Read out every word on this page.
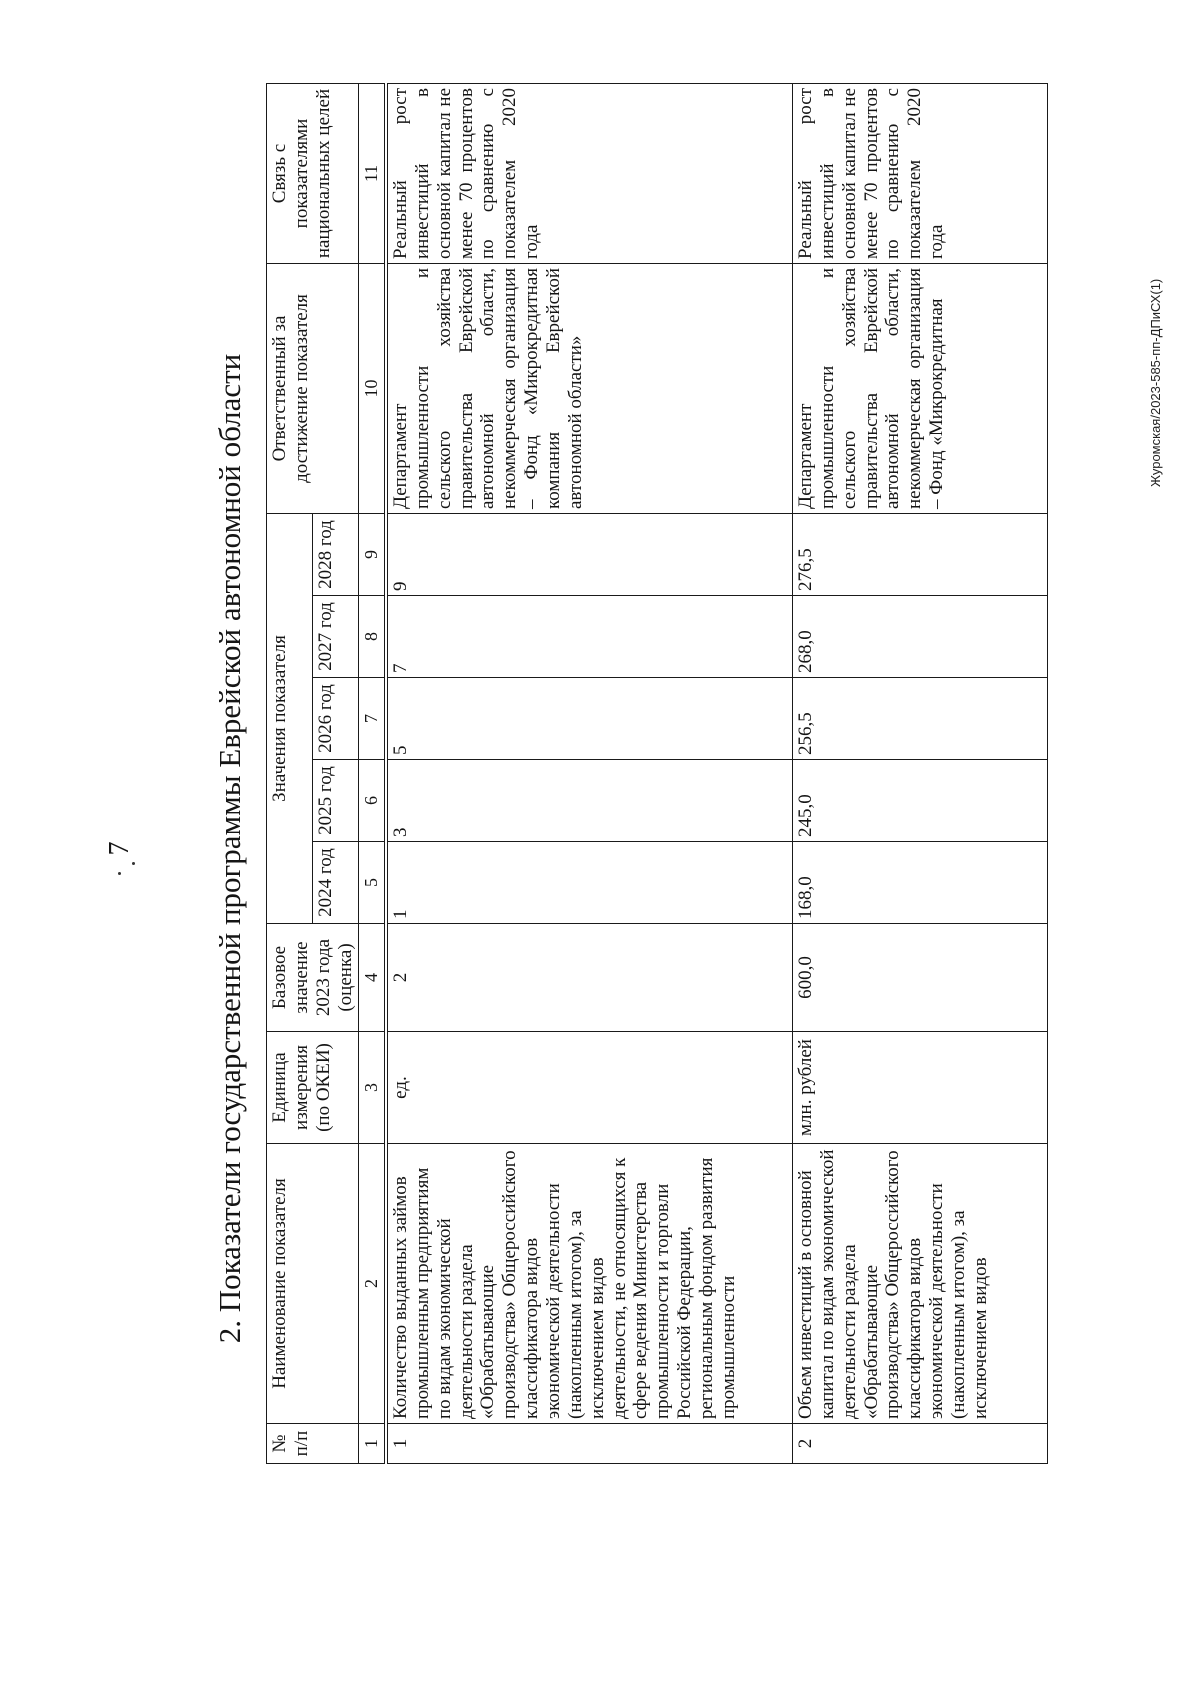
7 2. Показатели государственной программы Еврейской автономной области
№ п/п	Наименование показателя	Единица измерения (по ОКЕИ)	Базовое значение 2023 года (оценка)	Значения показателя					Ответственный за достижение показателя	Связь с показателями национальных целей
				2024 год	2025 год	2026 год	2027 год	2028 год		
1	2	3	4	5	6	7	8	9	10	11
1	Количество выданных займов промышленным предприятиям по видам экономической деятельности раздела «Обрабатывающие производства» Общероссийского классификатора видов экономической деятельности (накопленным итогом), за исключением видов деятельности, не относящихся к сфере ведения Министерства промышленности и торговли Российской Федерации, региональным фондом развития промышленности	ед.	2	1	3	5	7	9	Департамент промышленности и сельского хозяйства правительства Еврейской автономной области, некоммерческая организация – Фонд «Микрокредитная компания Еврейской автономной области»	Реальный рост инвестиций в основной капитал не менее 70 процентов по сравнению с показателем 2020 года
2	Объем инвестиций в основной капитал по видам экономической деятельности раздела «Обрабатывающие производства» Общероссийского классификатора видов экономической деятельности (накопленным итогом), за исключением видов	млн. рублей	600,0	168,0	245,0	256,5	268,0	276,5	Департамент промышленности и сельского хозяйства правительства Еврейской автономной области, некоммерческая организация – Фонд «Микрокредитная	Реальный рост инвестиций в основной капитал не менее 70 процентов по сравнению с показателем 2020 года
Журомская/2023-585-пп-ДПиСХ(1)
